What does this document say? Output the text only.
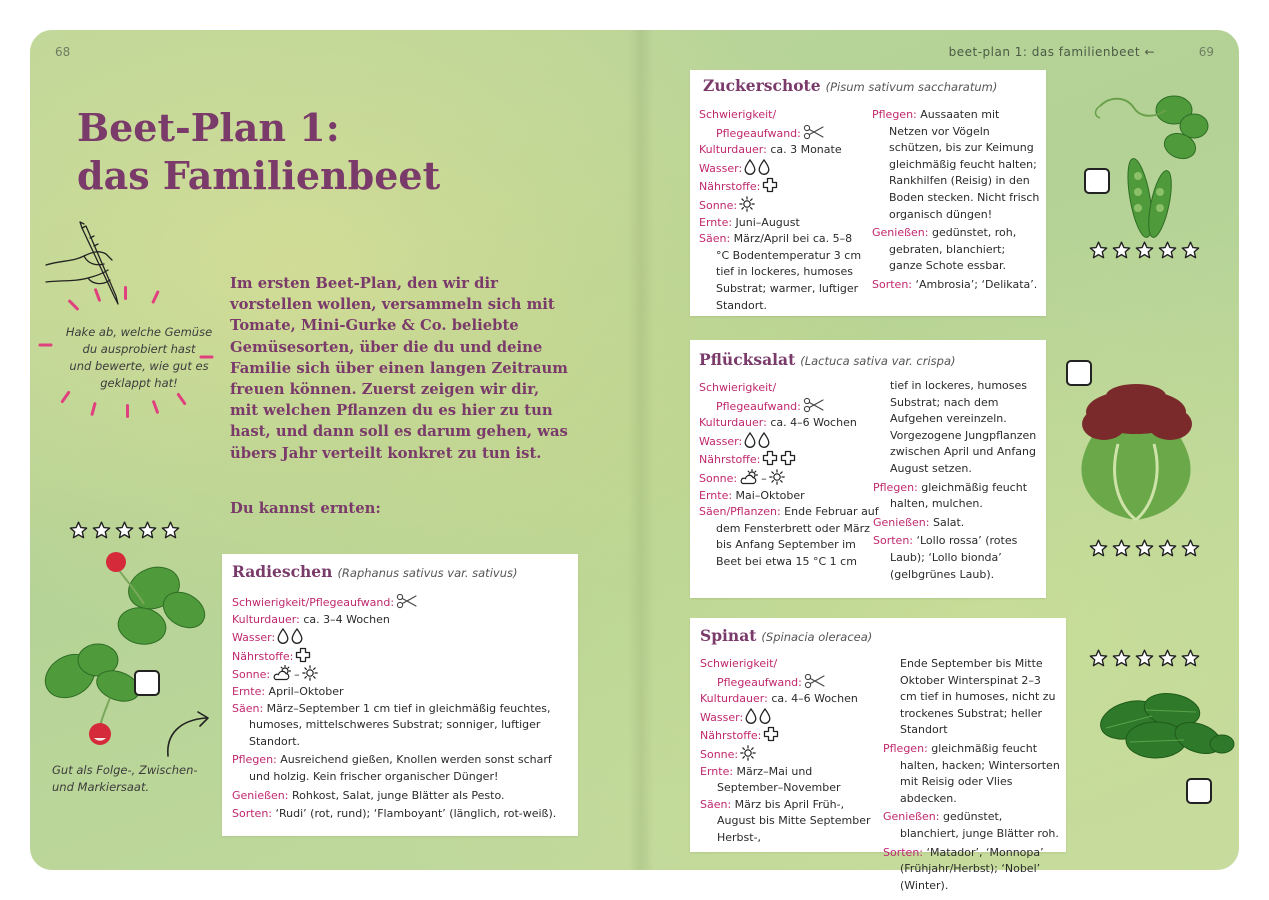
68	69
beet-plan 1: das familienbeet ←
Beet-Plan 1:
das Familienbeet
Hake ab, welche Gemüse
du ausprobiert hast
und bewerte, wie gut es
geklappt hat!

Im ersten Beet-Plan, den wir dir vorstellen wollen, versammeln sich mit Tomate, Mini-Gurke & Co. beliebte Gemüsesorten, über die du und deine Familie sich über einen langen Zeitraum freuen können. Zuerst zeigen wir dir, mit welchen Pflanzen du es hier zu tun hast, und dann soll es darum gehen, was übers Jahr verteilt konkret zu tun ist.

Du kannst ernten:
Gut als Folge-, Zwischen-
und Markiersaat.
Radieschen (Raphanus sativus var. sativus)
Schwierigkeit/Pflegeaufwand:
Kulturdauer: ca. 3–4 Wochen
Wasser:
Nährstoffe:
Sonne: –
Ernte: April–Oktober
Säen: März–September 1 cm tief in gleichmäßig feuchtes, humoses, mittelschweres Substrat; sonniger, luftiger Standort.
Pflegen: Ausreichend gießen, Knollen werden sonst scharf und holzig. Kein frischer organischer Dünger!
Genießen: Rohkost, Salat, junge Blätter als Pesto.
Sorten: ‘Rudi’ (rot, rund); ‘Flamboyant’ (länglich, rot-weiß).
Zuckerschote (Pisum sativum saccharatum)
Schwierigkeit/
Pflegeaufwand:
Kulturdauer: ca. 3 Monate
Wasser:
Nährstoffe:
Sonne:
Ernte: Juni–August
Säen: März/April bei ca. 5–8 °C Bodentemperatur 3 cm tief in lockeres, humoses Substrat; warmer, luftiger Standort.
Pflegen: Aussaaten mit Netzen vor Vögeln schützen, bis zur Keimung gleichmäßig feucht halten; Rankhilfen (Reisig) in den Boden stecken. Nicht frisch organisch düngen!
Genießen: gedünstet, roh, gebraten, blanchiert; ganze Schote essbar.
Sorten: ‘Ambrosia’; ‘Delikata’.
Pflücksalat (Lactuca sativa var. crispa)
Schwierigkeit/
Pflegeaufwand:
Kulturdauer: ca. 4–6 Wochen
Wasser:
Nährstoffe:
Sonne: –
Ernte: Mai–Oktober
Säen/Pflanzen: Ende Februar auf dem Fensterbrett oder März bis Anfang September im Beet bei etwa 15 °C 1 cm
tief in lockeres, humoses Substrat; nach dem Aufgehen vereinzeln. Vorgezogene Jungpflanzen zwischen April und Anfang August setzen.
Pflegen: gleichmäßig feucht halten, mulchen.
Genießen: Salat.
Sorten: ‘Lollo rossa’ (rotes Laub); ‘Lollo bionda’ (gelbgrünes Laub).
Spinat (Spinacia oleracea)
Schwierigkeit/
Pflegeaufwand:
Kulturdauer: ca. 4–6 Wochen
Wasser:
Nährstoffe:
Sonne:
Ernte: März–Mai und September–November
Säen: März bis April Früh-, August bis Mitte September Herbst-,
Ende September bis Mitte Oktober Winterspinat 2–3 cm tief in humoses, nicht zu trockenes Substrat; heller Standort
Pflegen: gleichmäßig feucht halten, hacken; Wintersorten mit Reisig oder Vlies abdecken.
Genießen: gedünstet, blanchiert, junge Blätter roh.
Sorten: ‘Matador’, ‘Monnopa’ (Frühjahr/Herbst); ‘Nobel’ (Winter).
